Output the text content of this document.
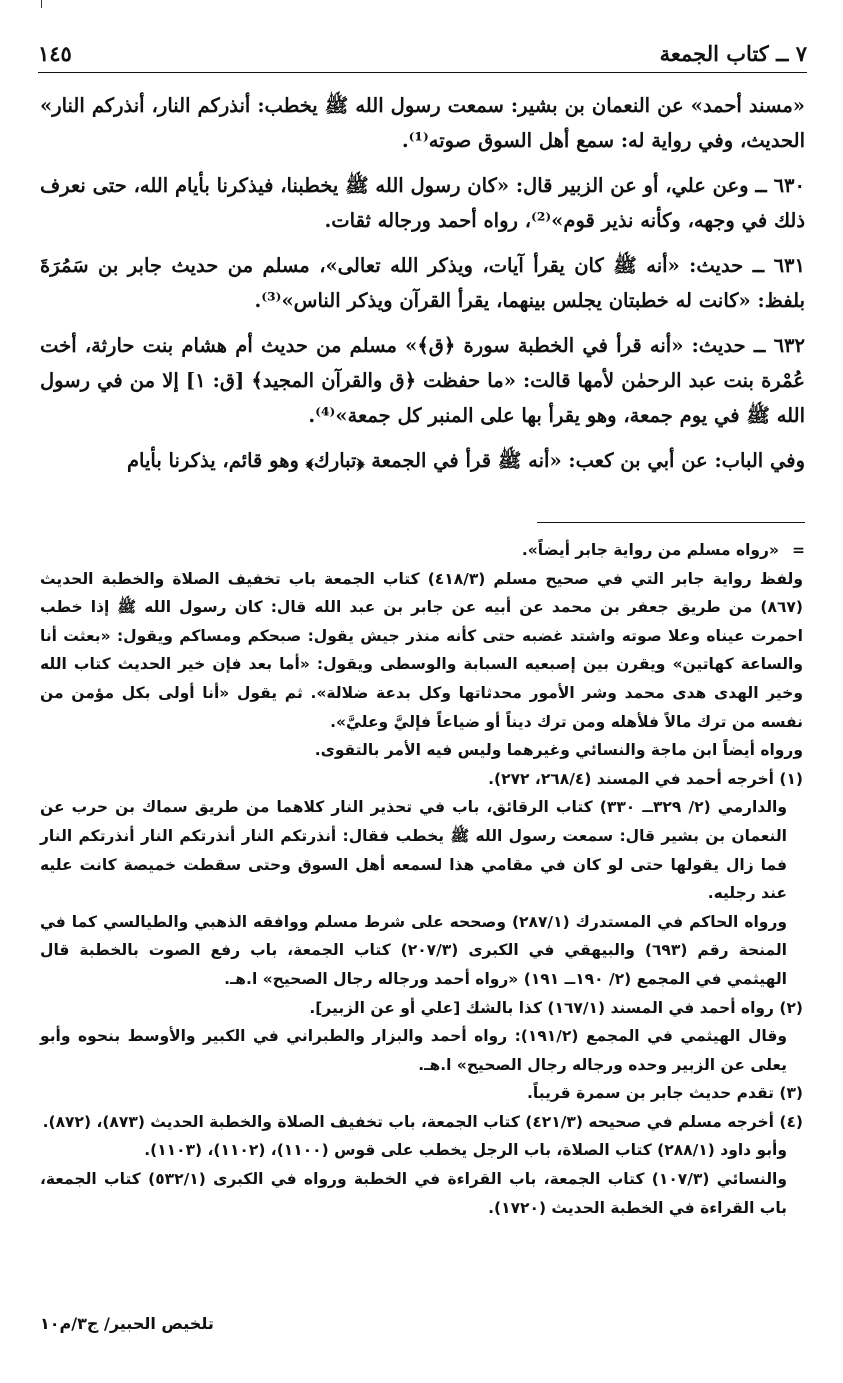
٧ ــ كتاب الجمعة
١٤٥

«مسند أحمد» عن النعمان بن بشير: سمعت رسول الله ﷺ يخطب: أنذركم النار، أنذركم النار» الحديث، وفي رواية له: سمع أهل السوق صوته⁽¹⁾.

٦٣٠ ــ وعن علي، أو عن الزبير قال: «كان رسول الله ﷺ يخطبنا، فيذكرنا بأيام الله، حتى نعرف ذلك في وجهه، وكأنه نذير قوم»⁽²⁾، رواه أحمد ورجاله ثقات.

٦٣١ ــ حديث: «أنه ﷺ كان يقرأ آيات، ويذكر الله تعالى»، مسلم من حديث جابر بن سَمُرَةَ بلفظ: «كانت له خطبتان يجلس بينهما، يقرأ القرآن ويذكر الناس»⁽³⁾.

٦٣٢ ــ حديث: «أنه قرأ في الخطبة سورة ﴿ق﴾» مسلم من حديث أم هشام بنت حارثة، أخت عُمْرة بنت عبد الرحمٰن لأمها قالت: «ما حفظت ﴿ق والقرآن المجيد﴾ [ق: ١] إلا من في رسول الله ﷺ في يوم جمعة، وهو يقرأ بها على المنبر كل جمعة»⁽⁴⁾.

وفي الباب: عن أبي بن كعب: «أنه ﷺ قرأ في الجمعة ﴿تبارك﴾ وهو قائم، يذكرنا بأيام

=

«رواه مسلم من رواية جابر أيضاً».

ولفظ رواية جابر التي في صحيح مسلم (٤١٨/٣) كتاب الجمعة باب تخفيف الصلاة والخطبة الحديث (٨٦٧) من طريق جعفر بن محمد عن أبيه عن جابر بن عبد الله قال: كان رسول الله ﷺ إذا خطب احمرت عيناه وعلا صوته واشتد غضبه حتى كأنه منذر جيش يقول: صبحكم ومساكم ويقول: «بعثت أنا والساعة كهاتين» ويقرن بين إصبعيه السبابة والوسطى ويقول: «أما بعد فإن خير الحديث كتاب الله وخير الهدى هدى محمد وشر الأمور محدثاتها وكل بدعة ضلالة». ثم يقول «أنا أولى بكل مؤمن من نفسه من ترك مالاً فلأهله ومن ترك ديناً أو ضياعاً فإليَّ وعليَّ».

ورواه أيضاً ابن ماجة والنسائي وغيرهما وليس فيه الأمر بالتقوى.

(١) أخرجه أحمد في المسند (٢٦٨/٤، ٢٧٢).

والدارمي (٢/ ٣٢٩ــ ٣٣٠) كتاب الرقائق، باب في تحذير النار كلاهما من طريق سماك بن حرب عن النعمان بن بشير قال: سمعت رسول الله ﷺ يخطب فقال: أنذرتكم النار أنذرتكم النار أنذرتكم النار فما زال يقولها حتى لو كان في مقامي هذا لسمعه أهل السوق وحتى سقطت خميصة كانت عليه عند رجليه.

ورواه الحاكم في المستدرك (٢٨٧/١) وصححه على شرط مسلم ووافقه الذهبي والطيالسي كما في المنحة رقم (٦٩٣) والبيهقي في الكبرى (٢٠٧/٣) كتاب الجمعة، باب رفع الصوت بالخطبة قال الهيثمي في المجمع (٢/ ١٩٠ــ ١٩١) «رواه أحمد ورجاله رجال الصحيح» ا.هـ.

(٢) رواه أحمد في المسند (١٦٧/١) كذا بالشك [علي أو عن الزبير].

وقال الهيثمي في المجمع (١٩١/٢): رواه أحمد والبزار والطبراني في الكبير والأوسط بنحوه وأبو يعلى عن الزبير وحده ورجاله رجال الصحيح» ا.هـ.

(٣) تقدم حديث جابر بن سمرة قريباً.

(٤) أخرجه مسلم في صحيحه (٤٢١/٣) كتاب الجمعة، باب تخفيف الصلاة والخطبة الحديث (٨٧٣)، (٨٧٢).

وأبو داود (٢٨٨/١) كتاب الصلاة، باب الرجل يخطب على قوس (١١٠٠)، (١١٠٢)، (١١٠٣).

والنسائي (١٠٧/٣) كتاب الجمعة، باب القراءة في الخطبة ورواه في الكبرى (٥٣٢/١) كتاب الجمعة، باب القراءة في الخطبة الحديث (١٧٢٠).

تلخيص الحبير/ ج٣/م١٠
